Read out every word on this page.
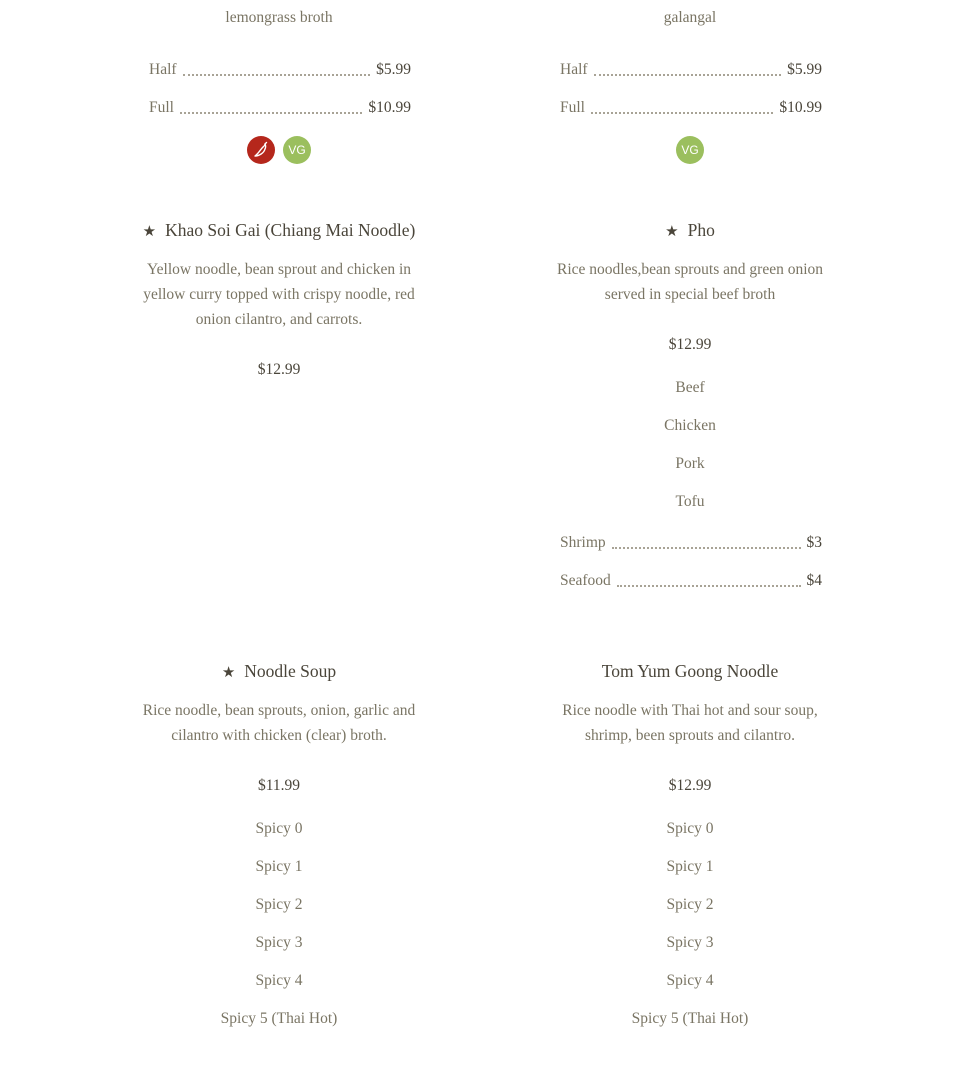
lemongrass broth	galangal
Half	$5.99
Full	$10.99
Half	$5.99
Full	$10.99
VG	VG
★ Khao Soi Gai (Chiang Mai Noodle)
Yellow noodle, bean sprout and chicken in yellow curry topped with crispy noodle, red onion cilantro, and carrots.
$12.99
★ Pho
Rice noodles,bean sprouts and green onion served in special beef broth
$12.99
Beef
Chicken
Pork
Tofu
Shrimp	$3
Seafood	$4
★ Noodle Soup
Rice noodle, bean sprouts, onion, garlic and cilantro with chicken (clear) broth.
$11.99
Spicy 0
Spicy 1
Spicy 2
Spicy 3
Spicy 4
Spicy 5 (Thai Hot)
Tom Yum Goong Noodle
Rice noodle with Thai hot and sour soup, shrimp, been sprouts and cilantro.
$12.99
Spicy 0
Spicy 1
Spicy 2
Spicy 3
Spicy 4
Spicy 5 (Thai Hot)
